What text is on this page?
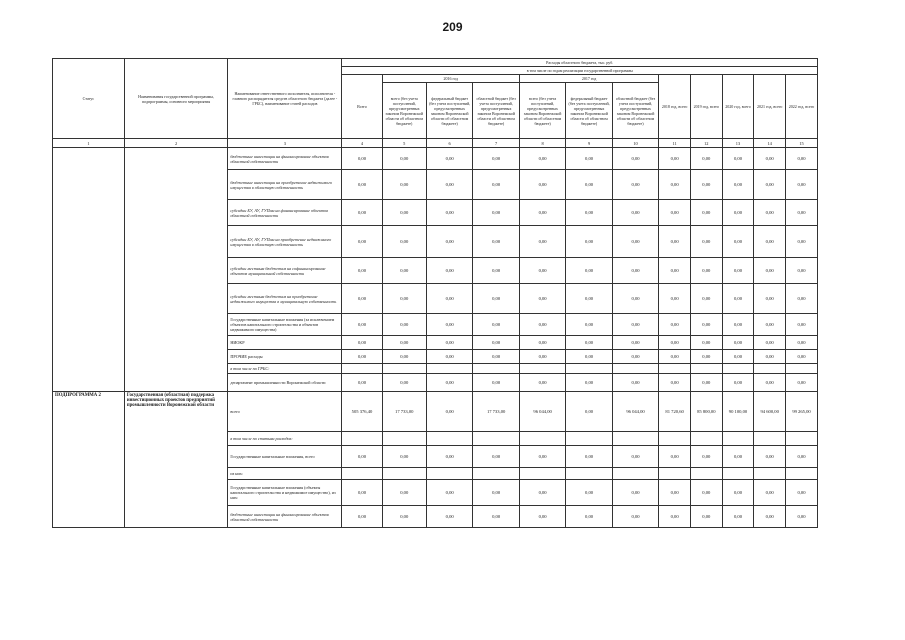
209
Статус	Наименования государственной программы, подпрограммы, основного мероприятия	Наименование ответственного исполнителя, исполнителя - главного распорядителя средств областного бюджета (далее - ГРБС), наименование статей расходов	Расходы областного бюджета, тыс. руб.											
			в том числе по годам реализации государственной программы											
			Всего	2016 год			2017 год			2018 год, всего	2019 год, всего	2020 год, всего	2021 год, всего	2022 год, всего
				всего (без учета поступлений, предусмотренных законом Воронежской области об областном бюджете)	федеральный бюджет (без учета поступлений, предусмотренных законом Воронежской области об областном бюджете)	областной бюджет (без учета поступлений, предусмотренных законом Воронежской области об областном бюджете)	всего (без учета поступлений, предусмотренных законом Воронежской области об областном бюджете)	федеральный бюджет (без учета поступлений, предусмотренных законом Воронежской области об областном бюджете)	областной бюджет (без учета поступлений, предусмотренных законом Воронежской области об областном бюджете)					
1	2	3	4	5	6	7	8	9	10	11	12	13	14	15
		бюджетные инвестиции на финансирование объектов областной собственности	0,00	0,00	0,00	0,00	0,00	0,00	0,00	0,00	0,00	0,00	0,00	0,00
		бюджетные инвестиции на приобретение недвижимого имущества в областную собственность	0,00	0,00	0,00	0,00	0,00	0,00	0,00	0,00	0,00	0,00	0,00	0,00
		субсидии БУ, АУ, ГУПам на финансирование объектов областной собственности	0,00	0,00	0,00	0,00	0,00	0,00	0,00	0,00	0,00	0,00	0,00	0,00
		субсидии БУ, АУ, ГУПам на приобретение недвижимого имущества в областную собственность	0,00	0,00	0,00	0,00	0,00	0,00	0,00	0,00	0,00	0,00	0,00	0,00
		субсидии местным бюджетам на софинансирование объектов муниципальной собственности	0,00	0,00	0,00	0,00	0,00	0,00	0,00	0,00	0,00	0,00	0,00	0,00
		субсидии местным бюджетам на приобретение недвижимого имущества в муниципальную собственность	0,00	0,00	0,00	0,00	0,00	0,00	0,00	0,00	0,00	0,00	0,00	0,00
		Государственные капитальные вложения (за исключением объектов капитального строительства и объектов недвижимого имущества)	0,00	0,00	0,00	0,00	0,00	0,00	0,00	0,00	0,00	0,00	0,00	0,00
		НИОКР	0,00	0,00	0,00	0,00	0,00	0,00	0,00	0,00	0,00	0,00	0,00	0,00
		ПРОЧИЕ расходы	0,00	0,00	0,00	0,00	0,00	0,00	0,00	0,00	0,00	0,00	0,00	0,00
		в том числе по ГРБС:												
		департамент промышленности Воронежской области	0,00	0,00	0,00	0,00	0,00	0,00	0,00	0,00	0,00	0,00	0,00	0,00
ПОДПРОГРАММА 2	Государственная (областная) поддержка инвестиционных проектов предприятий промышленности Воронежской области	всего	505 376,40	17 733,00	0,00	17 733,00	96 044,00	0,00	96 044,00	81 720,60	85 800,00	90 100,00	94 600,00	99 265,00
		в том числе по статьям расходов:												
		Государственные капитальные вложения, всего	0,00	0,00	0,00	0,00	0,00	0,00	0,00	0,00	0,00	0,00	0,00	0,00
		из них:												
		Государственные капитальные вложения (объекты капитального строительства и недвижимое имущество), из них:	0,00	0,00	0,00	0,00	0,00	0,00	0,00	0,00	0,00	0,00	0,00	0,00
		бюджетные инвестиции на финансирование объектов областной собственности	0,00	0,00	0,00	0,00	0,00	0,00	0,00	0,00	0,00	0,00	0,00	0,00
